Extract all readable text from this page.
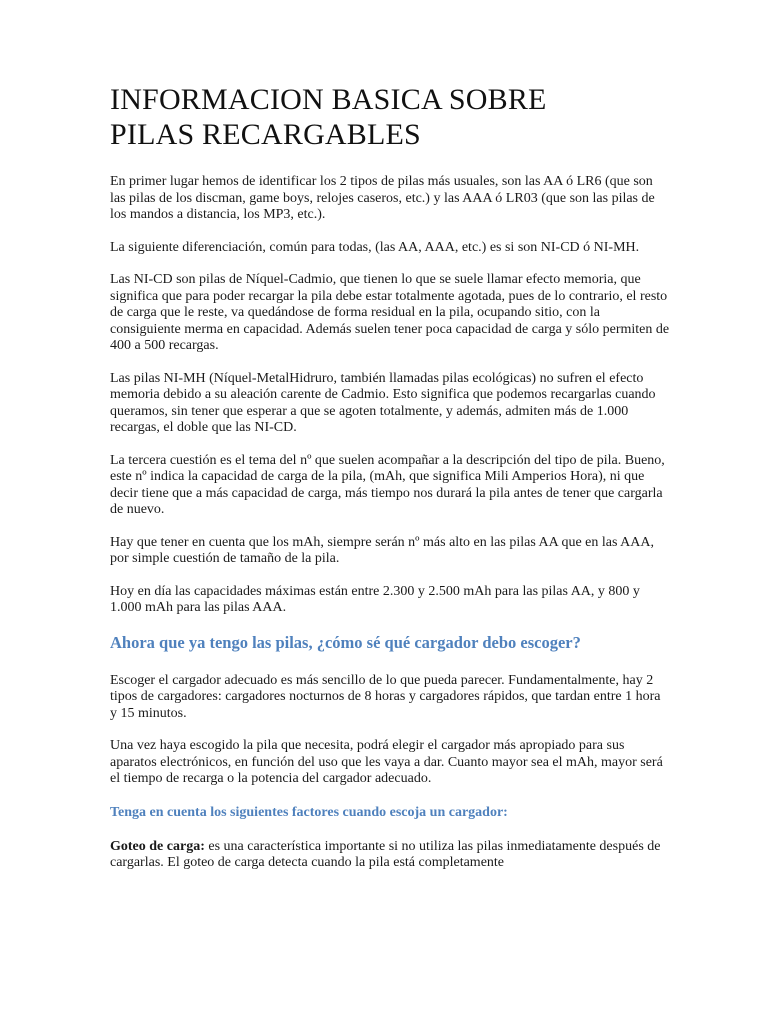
INFORMACION BASICA SOBRE
PILAS RECARGABLES

En primer lugar hemos de identificar los 2 tipos de pilas más usuales, son las AA ó LR6 (que son las pilas de los discman, game boys, relojes caseros, etc.) y las AAA ó LR03 (que son las pilas de los mandos a distancia, los MP3, etc.).

La siguiente diferenciación, común para todas, (las AA, AAA, etc.) es si son NI-CD ó NI-MH.

Las NI-CD son pilas de Níquel-Cadmio, que tienen lo que se suele llamar efecto memoria, que significa que para poder recargar la pila debe estar totalmente agotada, pues de lo contrario, el resto de carga que le reste, va quedándose de forma residual en la pila, ocupando sitio, con la consiguiente merma en capacidad. Además suelen tener poca capacidad de carga y sólo permiten de 400 a 500 recargas.

Las pilas NI-MH (Níquel-MetalHidruro, también llamadas pilas ecológicas) no sufren el efecto memoria debido a su aleación carente de Cadmio. Esto significa que podemos recargarlas cuando queramos, sin tener que esperar a que se agoten totalmente, y además, admiten más de 1.000 recargas, el doble que las NI-CD.

La tercera cuestión es el tema del nº que suelen acompañar a la descripción del tipo de pila. Bueno, este nº indica la capacidad de carga de la pila, (mAh, que significa Mili Amperios Hora), ni que decir tiene que a más capacidad de carga, más tiempo nos durará la pila antes de tener que cargarla de nuevo.

Hay que tener en cuenta que los mAh, siempre serán nº más alto en las pilas AA que en las AAA, por simple cuestión de tamaño de la pila.

Hoy en día las capacidades máximas están entre 2.300 y 2.500 mAh para las pilas AA, y 800 y 1.000 mAh para las pilas AAA.

Ahora que ya tengo las pilas, ¿cómo sé qué cargador debo escoger?

Escoger el cargador adecuado es más sencillo de lo que pueda parecer. Fundamentalmente, hay 2 tipos de cargadores: cargadores nocturnos de 8 horas y cargadores rápidos, que tardan entre 1 hora y 15 minutos.

Una vez haya escogido la pila que necesita, podrá elegir el cargador más apropiado para sus aparatos electrónicos, en función del uso que les vaya a dar. Cuanto mayor sea el mAh, mayor será el tiempo de recarga o la potencia del cargador adecuado.

Tenga en cuenta los siguientes factores cuando escoja un cargador:

Goteo de carga: es una característica importante si no utiliza las pilas inmediatamente después de cargarlas. El goteo de carga detecta cuando la pila está completamente
